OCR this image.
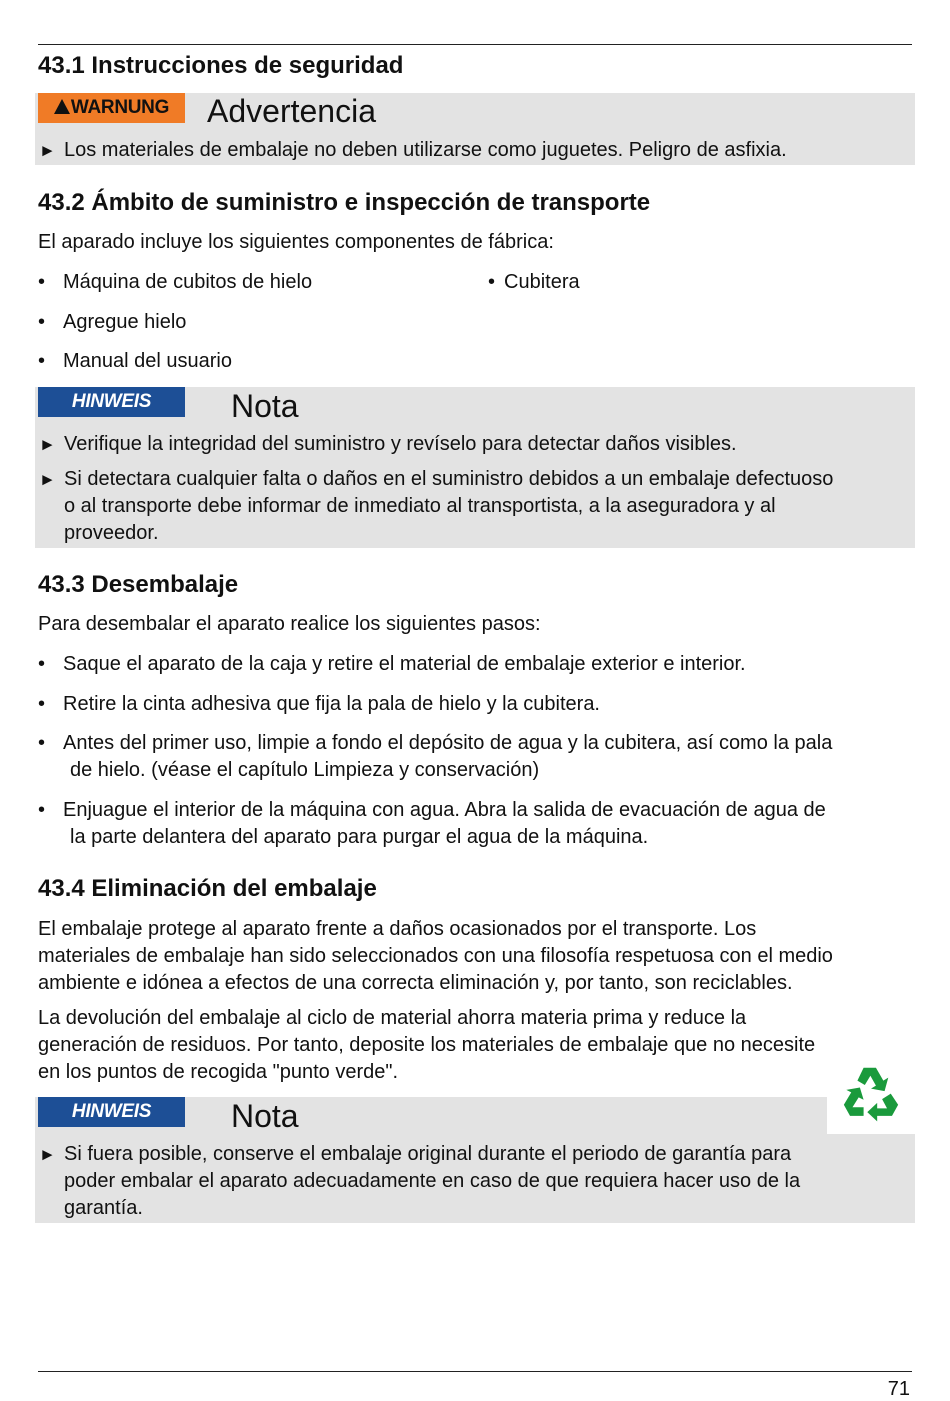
43.1 Instrucciones de seguridad
WARNUNG	Advertencia
► Los materiales de embalaje no deben utilizarse como juguetes. Peligro de asfixia.
43.2 Ámbito de suministro e inspección de transporte

El aparado incluye los siguientes componentes de fábrica:

• Máquina de cubitos de hielo	• Cubitera
• Agregue hielo
• Manual del usuario
HINWEIS	Nota
► Verifique la integridad del suministro y revíselo para detectar daños visibles.
► Si detectara cualquier falta o daños en el suministro debidos a un embalaje defectuoso
o al transporte debe informar de inmediato al transportista, a la aseguradora y al
proveedor.
43.3 Desembalaje

Para desembalar el aparato realice los siguientes pasos:

• Saque el aparato de la caja y retire el material de embalaje exterior e interior.
• Retire la cinta adhesiva que fija la pala de hielo y la cubitera.
• Antes del primer uso, limpie a fondo el depósito de agua y la cubitera, así como la pala
de hielo. (véase el capítulo Limpieza y conservación)
• Enjuague el interior de la máquina con agua. Abra la salida de evacuación de agua de
la parte delantera del aparato para purgar el agua de la máquina.
43.4 Eliminación del embalaje

El embalaje protege al aparato frente a daños ocasionados por el transporte. Los

materiales de embalaje han sido seleccionados con una filosofía respetuosa con el medio

ambiente e idónea a efectos de una correcta eliminación y, por tanto, son reciclables.

La devolución del embalaje al ciclo de material ahorra materia prima y reduce la

generación de residuos. Por tanto, deposite los materiales de embalaje que no necesite

en los puntos de recogida "punto verde".

HINWEIS	Nota
► Si fuera posible, conserve el embalaje original durante el periodo de garantía para
poder embalar el aparato adecuadamente en caso de que requiera hacer uso de la
garantía.
71
